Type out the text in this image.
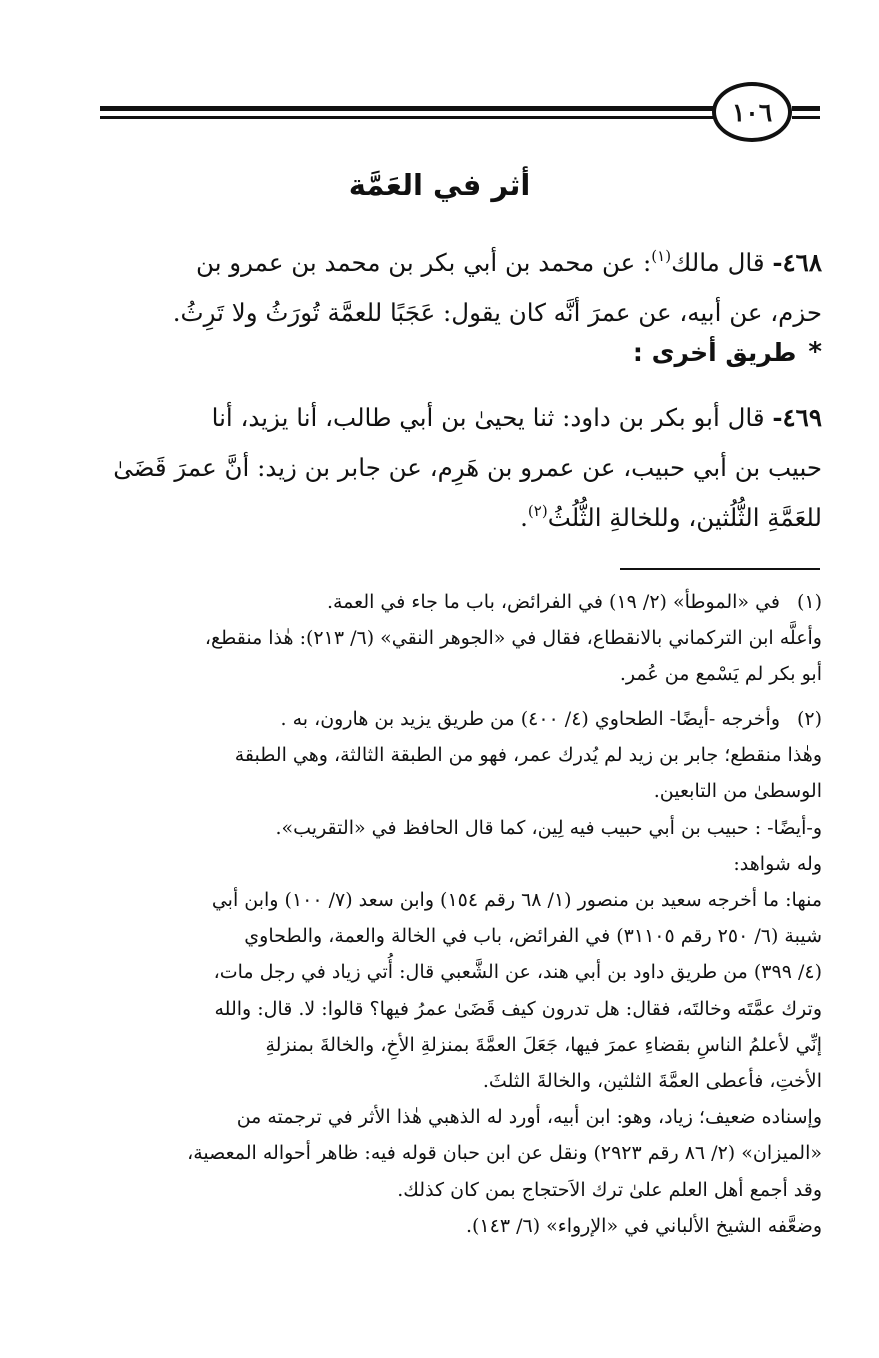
١٠٦
أثر في العَمَّة
٤٦٨- قال مالك$^{(١)}$: عن محمد بن أبي بكر بن محمد بن عمرو بن
حزم، عن أبيه، عن عمرَ أنَّه كان يقول: عَجَبًا للعمَّة تُورَثُ ولا تَرِثُ.
*
طريق أخرى :
٤٦٩- قال أبو بكر بن داود: ثنا يحيىٰ بن أبي طالب، أنا يزيد، أنا
حبيب بن أبي حبيب، عن عمرو بن هَرِم، عن جابر بن زيد: أنَّ عمرَ قَضَىٰ
للعَمَّةِ الثُّلُثين، وللخالةِ الثُّلُثُ$^{(٢)}$.
(١)
في «الموطأ» (٢/ ١٩) في الفرائض، باب ما جاء في العمة.
وأعلَّه ابن التركماني بالانقطاع، فقال في «الجوهر النقي» (٦/ ٢١٣): هٰذا منقطع،
أبو بكر لم يَسْمع من عُمر.
(٢)
وأخرجه -أيضًا- الطحاوي (٤/ ٤٠٠) من طريق يزيد بن هارون، به .
وهٰذا منقطع؛ جابر بن زيد لم يُدرك عمر، فهو من الطبقة الثالثة، وهي الطبقة
الوسطىٰ من التابعين.
و-أيضًا- : حبيب بن أبي حبيب فيه لِين، كما قال الحافظ في «التقريب».
وله شواهد:
منها: ما أخرجه سعيد بن منصور (١/ ٦٨ رقم ١٥٤) وابن سعد (٧/ ١٠٠) وابن أبي
شيبة (٦/ ٢٥٠ رقم ٣١١٠٥) في الفرائض، باب في الخالة والعمة، والطحاوي
(٤/ ٣٩٩) من طريق داود بن أبي هند، عن الشَّعبي قال: أُتي زياد في رجل مات،
وترك عمَّتَه وخالتَه، فقال: هل تدرون كيف قَضَىٰ عمرُ فيها؟ قالوا: لا. قال: والله
إنِّي لأعلمُ الناسِ بقضاءِ عمرَ فيها، جَعَلَ العمَّةَ بمنزلةِ الأخِ، والخالةَ بمنزلةِ
الأختِ، فأعطى العمَّةَ الثلثين، والخالةَ الثلثَ.
وإسناده ضعيف؛ زياد، وهو: ابن أبيه، أورد له الذهبي هٰذا الأثر في ترجمته من
«الميزان» (٢/ ٨٦ رقم ٢٩٢٣) ونقل عن ابن حبان قوله فيه: ظاهر أحواله المعصية،
وقد أجمع أهل العلم علىٰ ترك الاَحتجاج بمن كان كذلك.
وضعَّفه الشيخ الألباني في «الإرواء» (٦/ ١٤٣).
